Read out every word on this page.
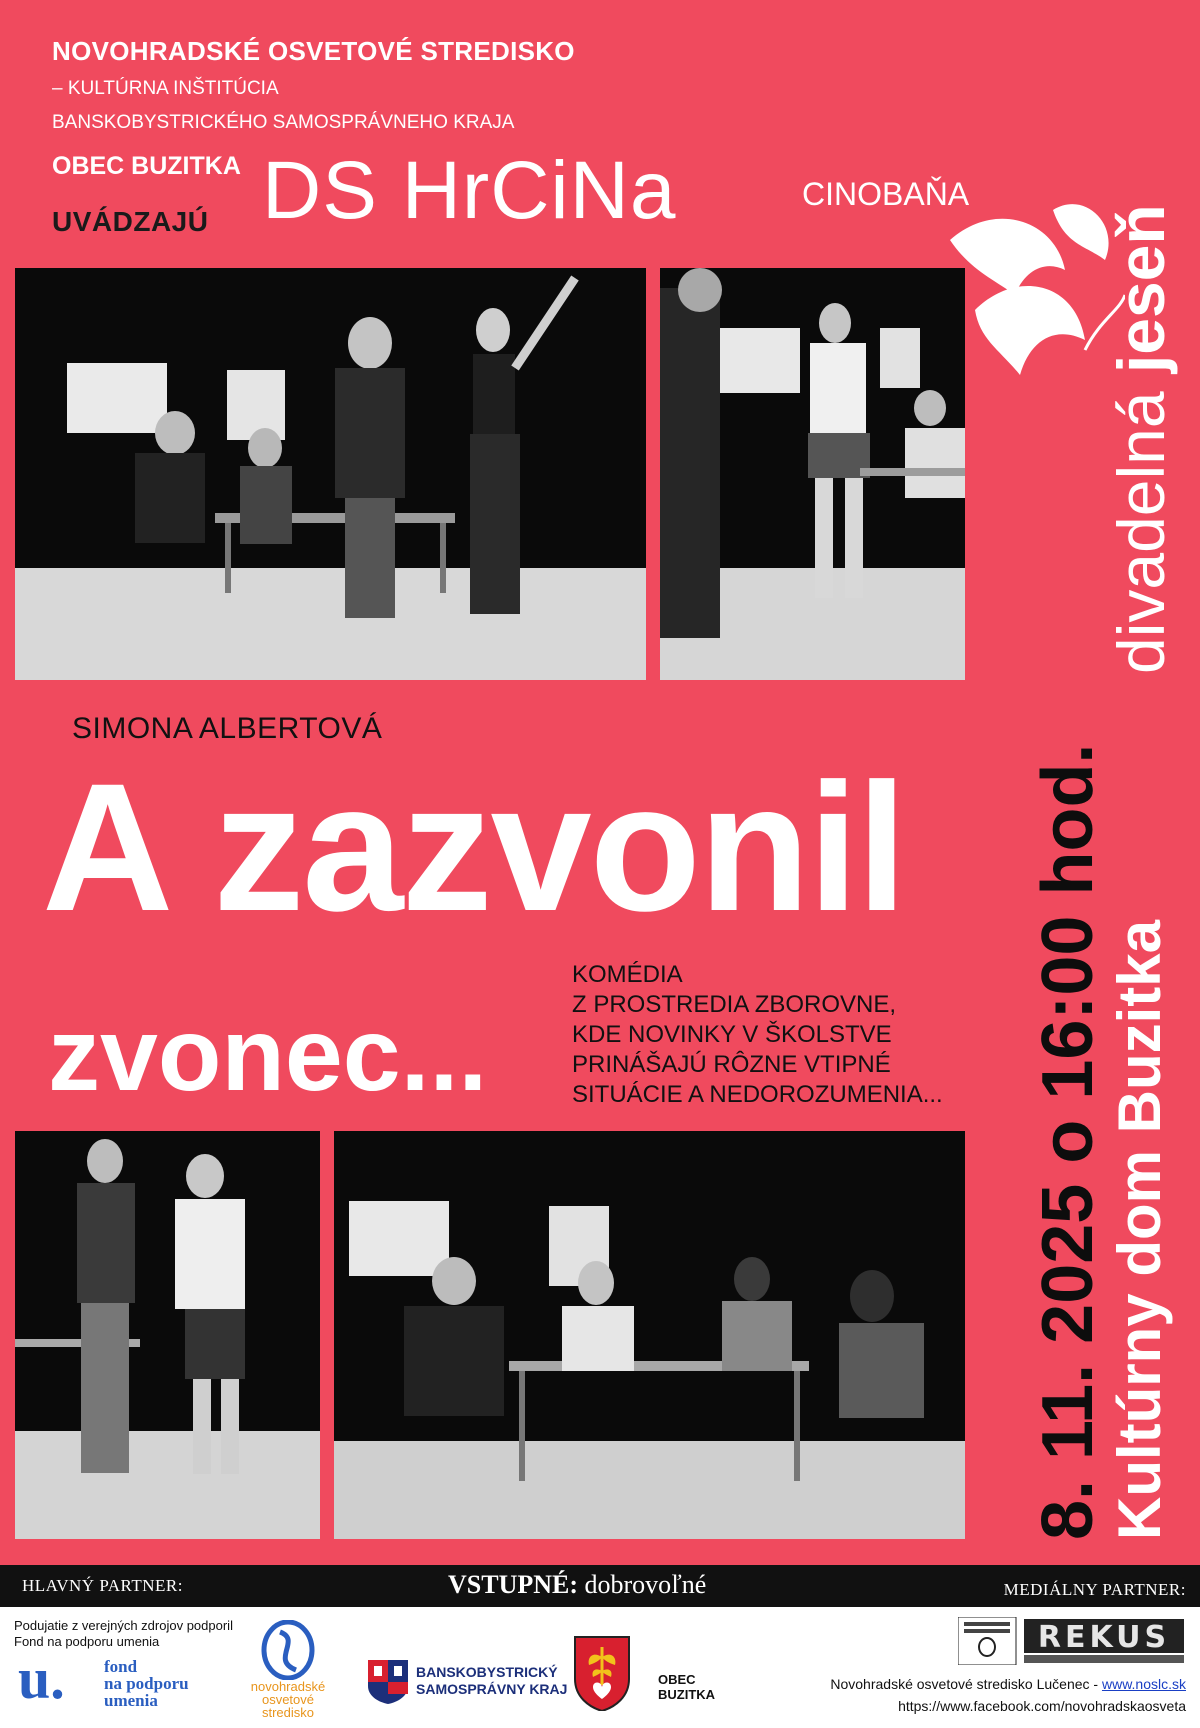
NOVOHRADSKÉ OSVETOVÉ STREDISKO
– KULTÚRNA INŠTITÚCIA
BANSKOBYSTRICKÉHO SAMOSPRÁVNEHO KRAJA
OBEC BUZITKA
UVÁDZAJÚ DS HrCiNa	CINOBAŇA
divadelná jeseň
SIMONA ALBERTOVÁ
A zazvonil
zvonec...
KOMÉDIA
Z PROSTREDIA ZBOROVNE,
KDE NOVINKY V ŠKOLSTVE
PRINÁŠAJÚ RÔZNE VTIPNÉ
SITUÁCIE A NEDOROZUMENIA... 8. 11. 2025 o 16:00 hod.
Kultúrny dom Buzitka
HLAVNÝ PARTNER:	VSTUPNÉ: dobrovoľné	MEDIÁLNY PARTNER:
Podujatie z verejných zdrojov podporil
Fond na podporu umenia
u. fond
na podporu
umenia
novohradské
osvetové
stredisko
BANSKOBYSTRICKÝ
SAMOSPRÁVNY KRAJ
OBEC
BUZITKA
REKUS
Novohradské osvetové stredisko Lučenec - www.noslc.sk
https://www.facebook.com/novohradskaosveta
